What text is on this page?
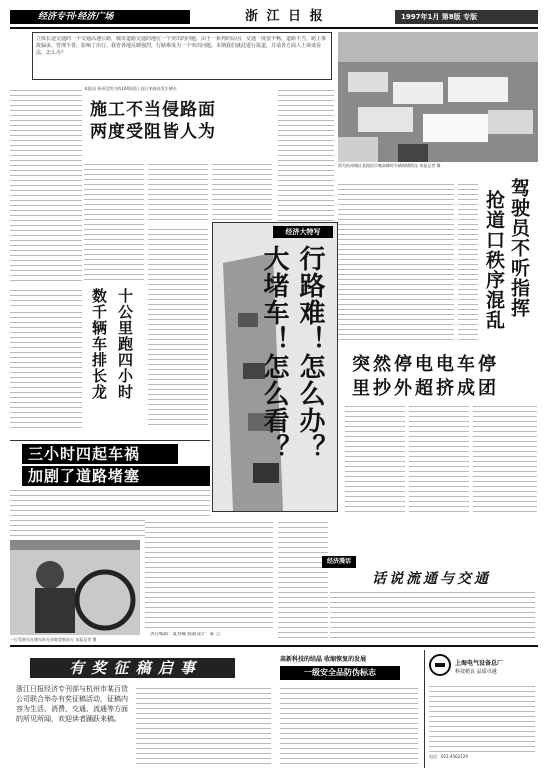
经济专刊·经济广场	浙 江 日 报	1997年1月 第8版 专版
立体长途交通的一个交通高速公路，城市道路交通的地位一个突出的问题，由于一系列的原因，交通一度很不畅，道路不当，路上事故偏多，管理不善，影响了出行。我省各地反映强烈，行路难成为一个突出问题。本期我们就此进行报道，并请各方面人士谈谈看法，怎么办？
图为杭州城区某路段早晚高峰时车辆拥堵情况 本报记者 摄
本报讯 杭州至绍兴的104国道上连日来接连发生堵车
施工不当侵路面
两度受阻皆人为
驾驶员不听指挥
抢道口秩序混乱
经济大特写
行路难！怎么办？
大堵车！怎么看？
十公里跑四小时
数千辆车排长龙	突然停电电车停
里抄外超挤成团
三小时四起车祸
加剧了道路堵塞
一位驾驶员在堵车时无奈地望着前方 本报记者 摄
责任编辑：夏春榆 版面设计：陈 云
经济漫话
话说流通与交通
有 奖 征 稿 启 事
浙江日报经济专刊部与杭州市某百货公司联合举办有奖征稿活动，征稿内容为生活、消费、交通、流通等方面的所见所闻，欢迎读者踊跃来稿。
高新科技的结晶 收缩恢复的发展
一级安全品防伪标志
上海电气设备总厂
科技精良 品质卓越
电话：021-4562129
